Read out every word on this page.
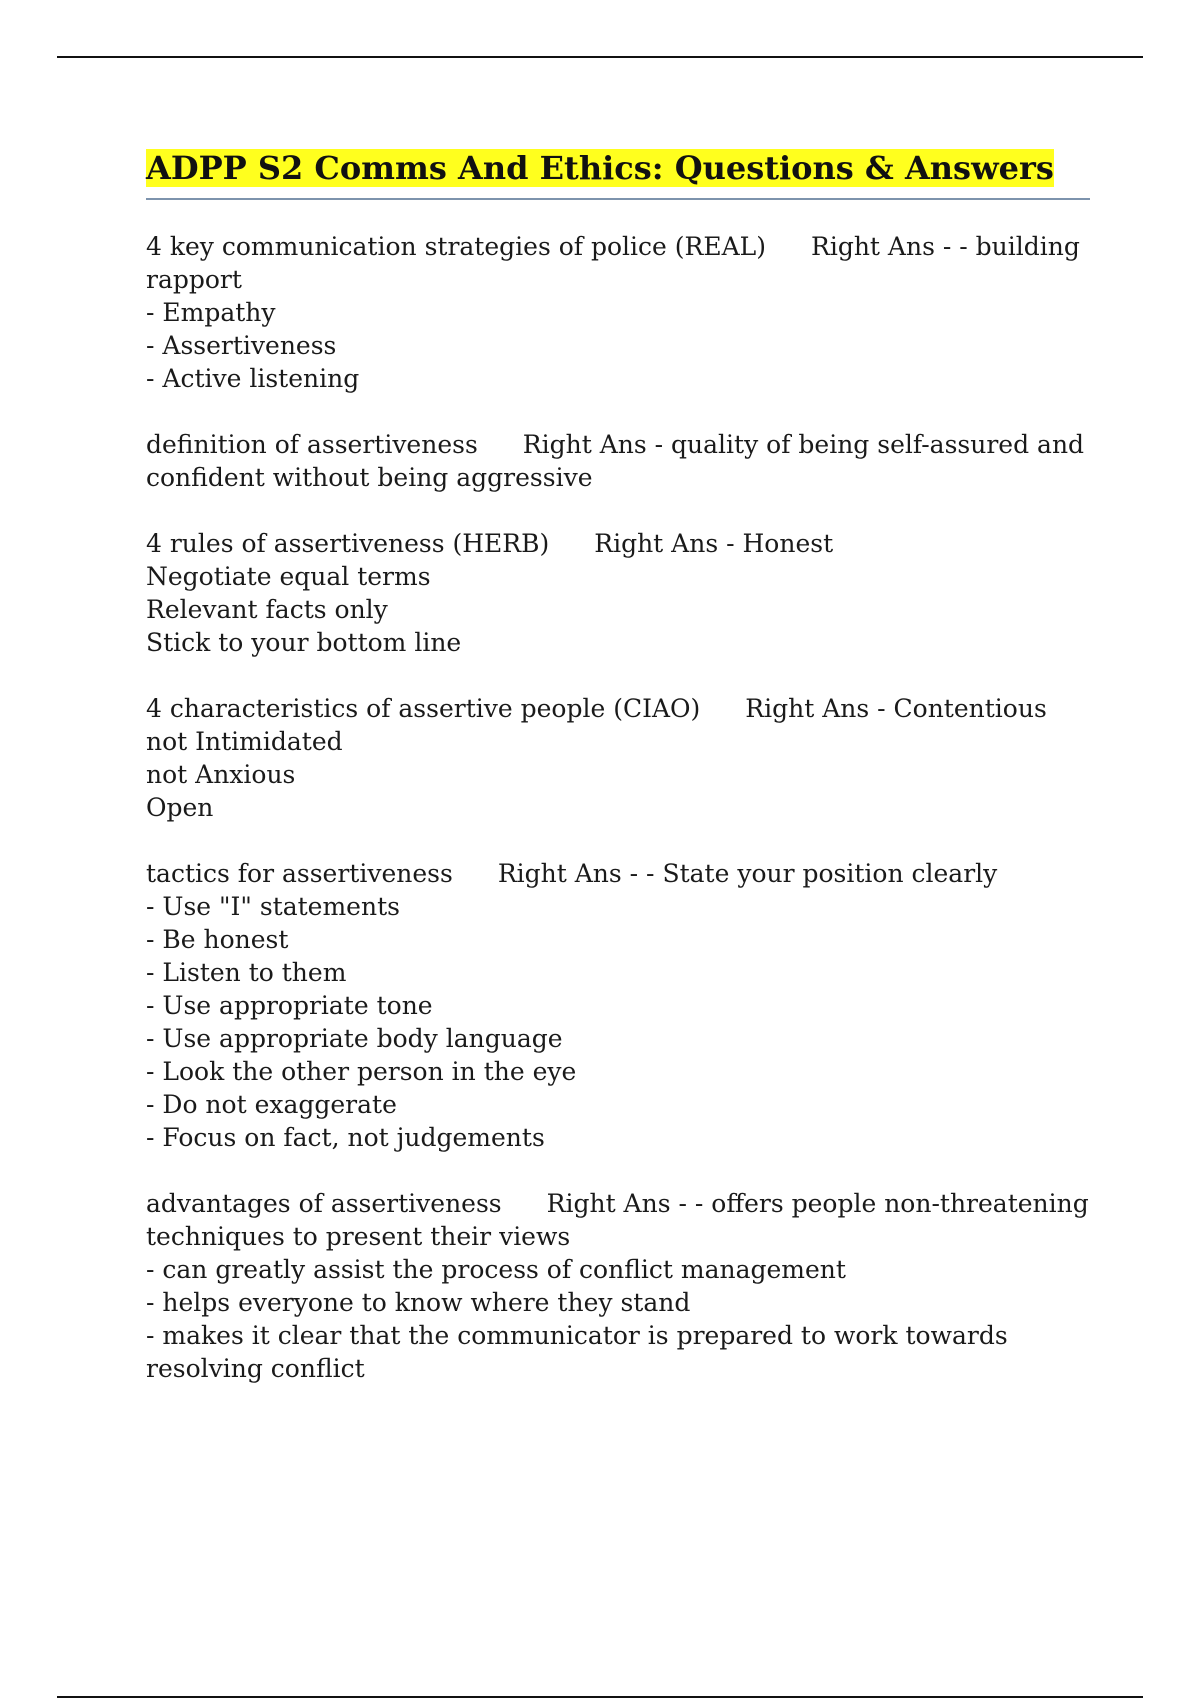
ADPP S2 Comms And Ethics: Questions & Answers
4 key communication strategies of police (REAL) Right Ans - - building rapport
- Empathy
- Assertiveness
- Active listening
definition of assertiveness Right Ans - quality of being self-assured and confident without being aggressive
4 rules of assertiveness (HERB) Right Ans - Honest
Negotiate equal terms
Relevant facts only
Stick to your bottom line
4 characteristics of assertive people (CIAO) Right Ans - Contentious
not Intimidated
not Anxious
Open
tactics for assertiveness Right Ans - - State your position clearly
- Use "I" statements
- Be honest
- Listen to them
- Use appropriate tone
- Use appropriate body language
- Look the other person in the eye
- Do not exaggerate
- Focus on fact, not judgements
advantages of assertiveness Right Ans - - offers people non-threatening techniques to present their views
- can greatly assist the process of conflict management
- helps everyone to know where they stand
- makes it clear that the communicator is prepared to work towards resolving conflict
